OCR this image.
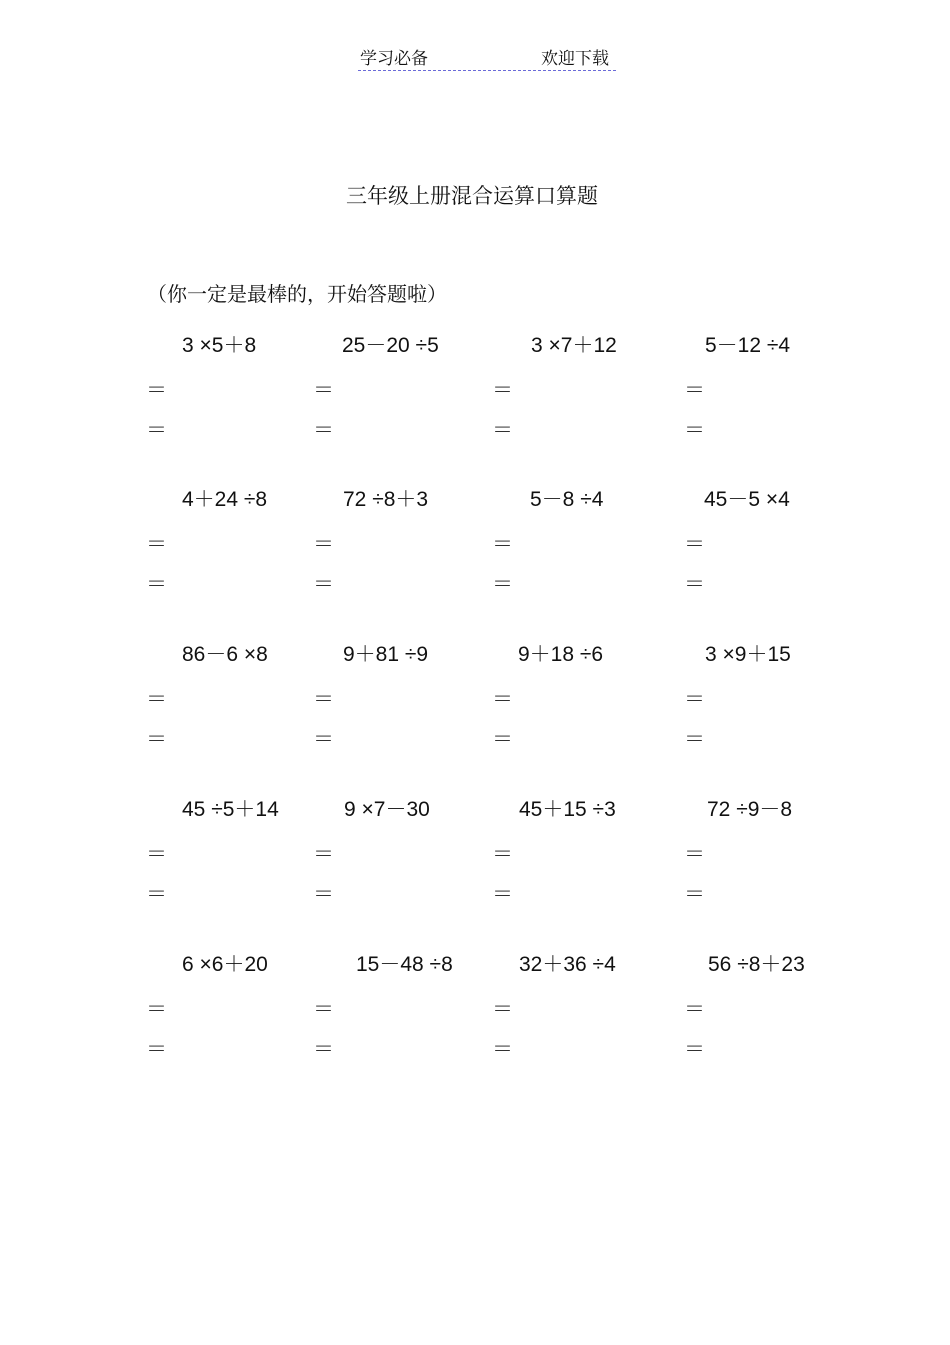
学习必备	欢迎下载
三年级上册混合运算口算题
（你一定是最棒的，开始答题啦）
3 ×5＋8
＝
＝
25－20 ÷5
＝
＝
3 ×7＋12
＝
＝
5－12 ÷4
＝
＝
4＋24 ÷8
＝
＝
72 ÷8＋3
＝
＝
5－8 ÷4
＝
＝
45－5 ×4
＝
＝
86－6 ×8
＝
＝
9＋81 ÷9
＝
＝
9＋18 ÷6
＝
＝
3 ×9＋15
＝
＝
45 ÷5＋14
＝
＝
9 ×7－30
＝
＝
45＋15 ÷3
＝
＝
72 ÷9－8
＝
＝
6 ×6＋20
＝
＝
15－48 ÷8
＝
＝
32＋36 ÷4
＝
＝
56 ÷8＋23
＝
＝
